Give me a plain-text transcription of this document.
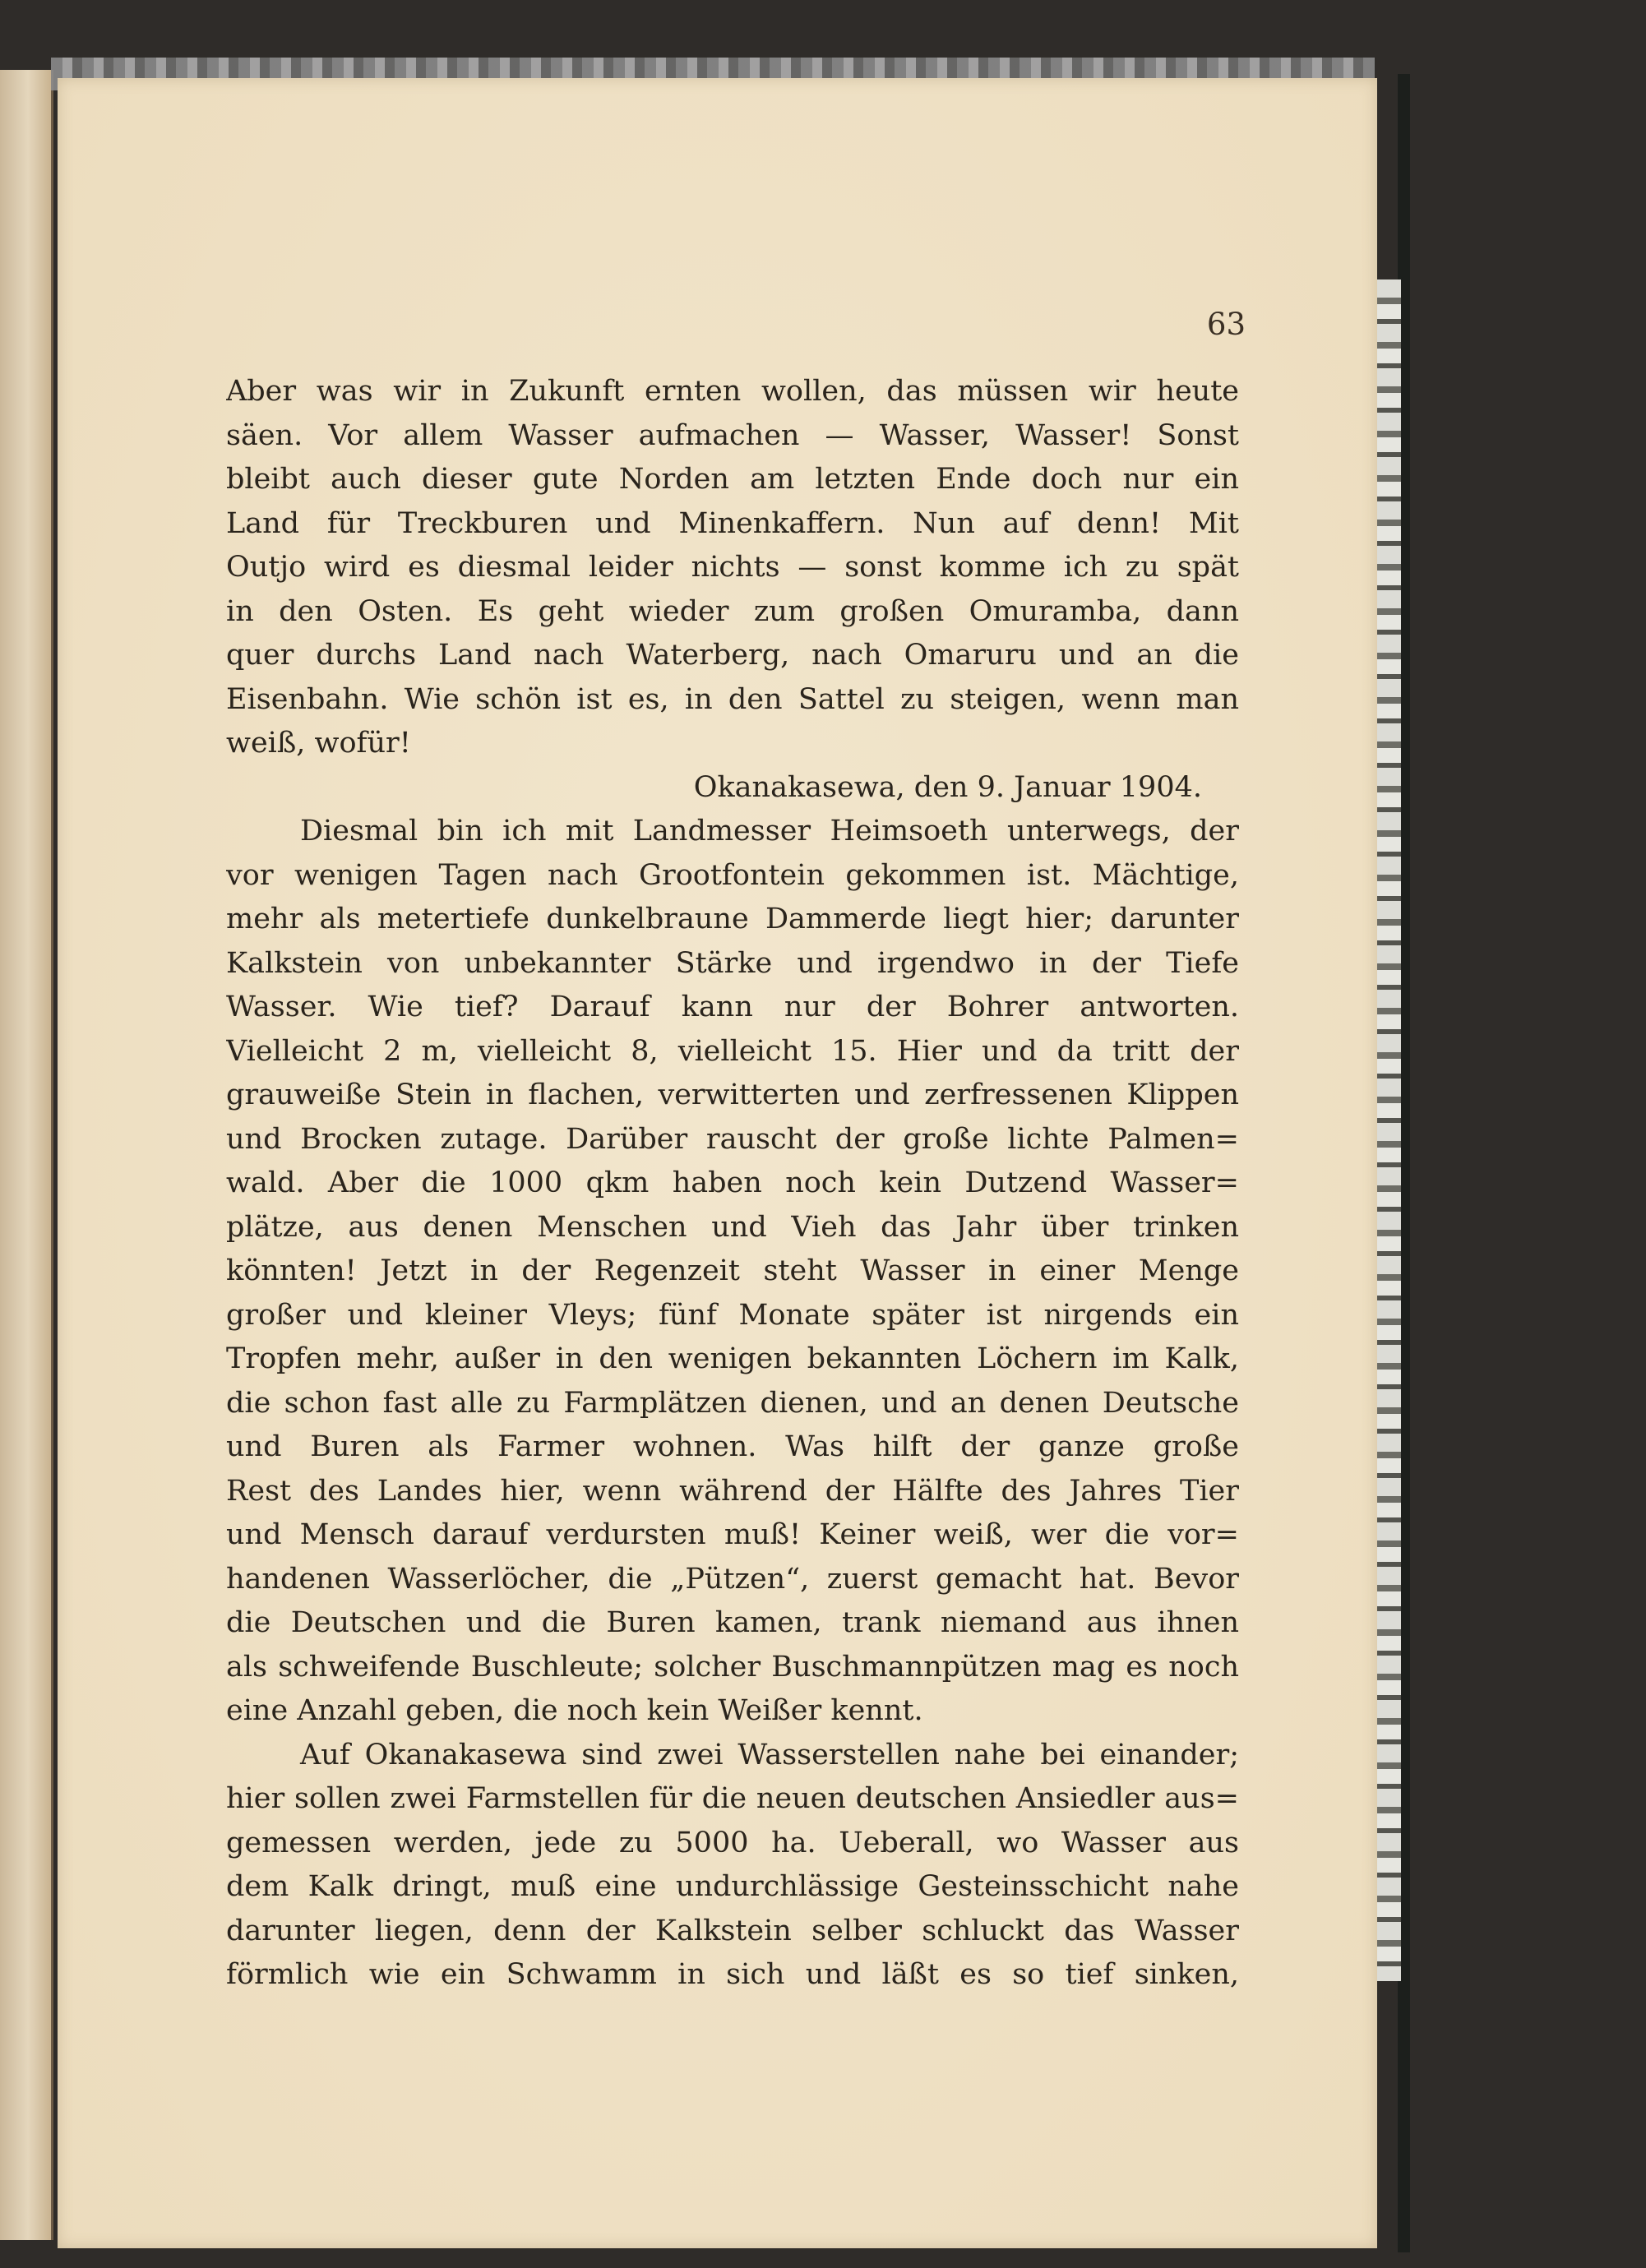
63
Aber was wir in Zukunft ernten wollen, das müssen wir heute
säen. Vor allem Wasser aufmachen — Wasser, Wasser! Sonst
bleibt auch dieser gute Norden am letzten Ende doch nur ein
Land für Treckburen und Minenkaffern. Nun auf denn! Mit
Outjo wird es diesmal leider nichts — sonst komme ich zu spät
in den Osten. Es geht wieder zum großen Omuramba, dann
quer durchs Land nach Waterberg, nach Omaruru und an die
Eisenbahn. Wie schön ist es, in den Sattel zu steigen, wenn man
weiß, wofür!
Okanakasewa, den 9. Januar 1904.
Diesmal bin ich mit Landmesser Heimsoeth unterwegs, der
vor wenigen Tagen nach Grootfontein gekommen ist. Mächtige,
mehr als metertiefe dunkelbraune Dammerde liegt hier; darunter
Kalkstein von unbekannter Stärke und irgendwo in der Tiefe
Wasser. Wie tief? Darauf kann nur der Bohrer antworten.
Vielleicht 2 m, vielleicht 8, vielleicht 15. Hier und da tritt der
grauweiße Stein in flachen, verwitterten und zerfressenen Klippen
und Brocken zutage. Darüber rauscht der große lichte Palmen=
wald. Aber die 1000 qkm haben noch kein Dutzend Wasser=
plätze, aus denen Menschen und Vieh das Jahr über trinken
könnten! Jetzt in der Regenzeit steht Wasser in einer Menge
großer und kleiner Vleys; fünf Monate später ist nirgends ein
Tropfen mehr, außer in den wenigen bekannten Löchern im Kalk,
die schon fast alle zu Farmplätzen dienen, und an denen Deutsche
und Buren als Farmer wohnen. Was hilft der ganze große
Rest des Landes hier, wenn während der Hälfte des Jahres Tier
und Mensch darauf verdursten muß! Keiner weiß, wer die vor=
handenen Wasserlöcher, die „Pützen“, zuerst gemacht hat. Bevor
die Deutschen und die Buren kamen, trank niemand aus ihnen
als schweifende Buschleute; solcher Buschmannpützen mag es noch
eine Anzahl geben, die noch kein Weißer kennt.
Auf Okanakasewa sind zwei Wasserstellen nahe bei einander;
hier sollen zwei Farmstellen für die neuen deutschen Ansiedler aus=
gemessen werden, jede zu 5000 ha. Ueberall, wo Wasser aus
dem Kalk dringt, muß eine undurchlässige Gesteinsschicht nahe
darunter liegen, denn der Kalkstein selber schluckt das Wasser
förmlich wie ein Schwamm in sich und läßt es so tief sinken,
